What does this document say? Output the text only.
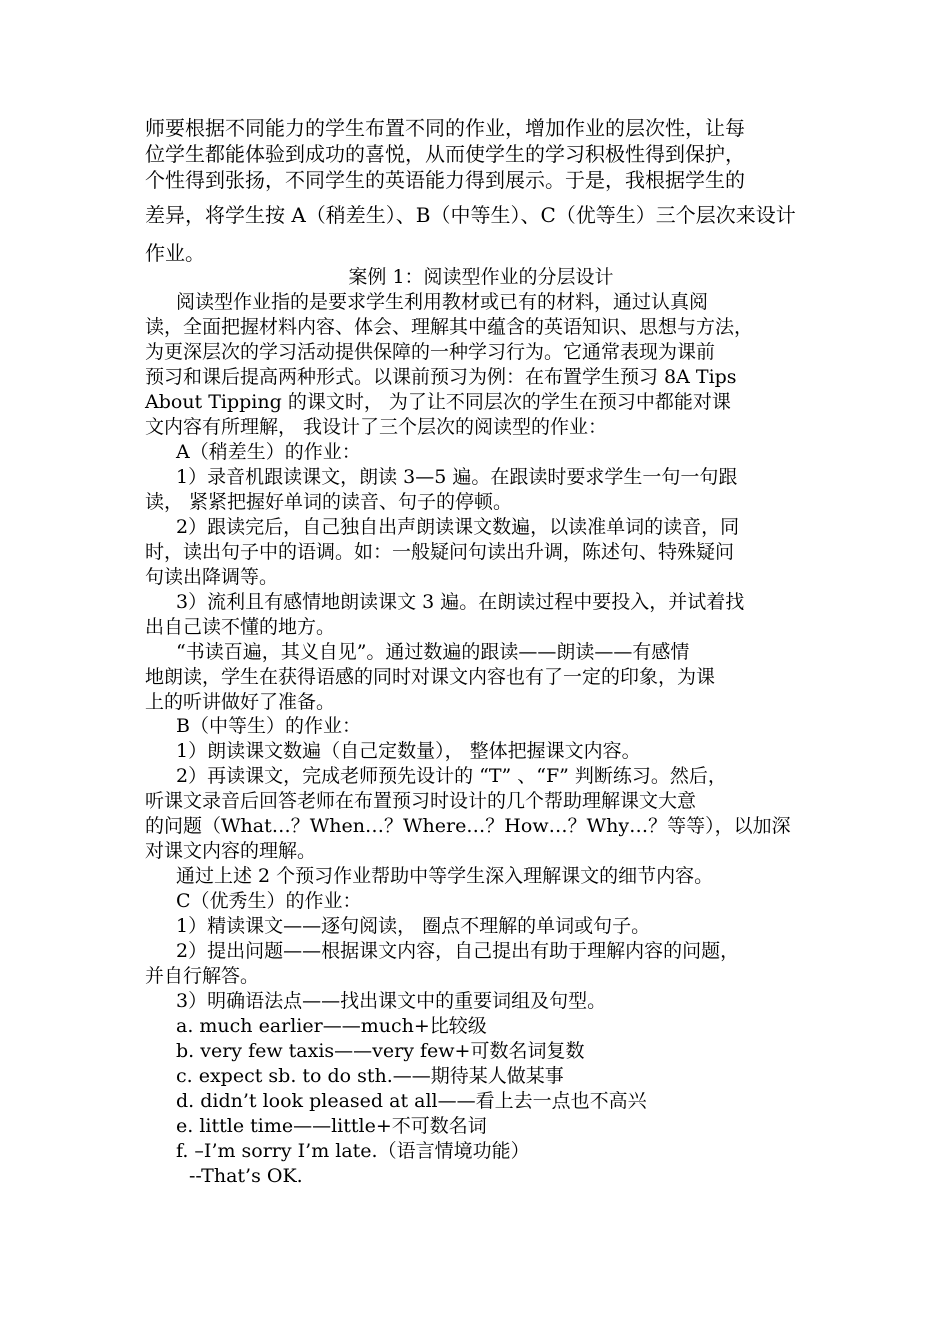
师要根据不同能力的学生布置不同的作业，增加作业的层次性，让每
位学生都能体验到成功的喜悦，从而使学生的学习积极性得到保护，
个性得到张扬，不同学生的英语能力得到展示。于是，我根据学生的
差异，将学生按 A（稍差生）、B（中等生）、C（优等生）三个层次来设计
作业。
案例 1：阅读型作业的分层设计
阅读型作业指的是要求学生利用教材或已有的材料，通过认真阅
读，全面把握材料内容、体会、理解其中蕴含的英语知识、思想与方法，
为更深层次的学习活动提供保障的一种学习行为。它通常表现为课前
预习和课后提高两种形式。以课前预习为例：在布置学生预习 8A Tips
About Tipping 的课文时， 为了让不同层次的学生在预习中都能对课
文内容有所理解， 我设计了三个层次的阅读型的作业：
A（稍差生）的作业：
1）录音机跟读课文，朗读 3—5 遍。在跟读时要求学生一句一句跟
读， 紧紧把握好单词的读音、句子的停顿。
2）跟读完后，自己独自出声朗读课文数遍，以读准单词的读音，同
时，读出句子中的语调。如：一般疑问句读出升调，陈述句、特殊疑问
句读出降调等。
3）流利且有感情地朗读课文 3 遍。在朗读过程中要投入，并试着找
出自己读不懂的地方。
“书读百遍，其义自见”。通过数遍的跟读——朗读——有感情
地朗读，学生在获得语感的同时对课文内容也有了一定的印象，为课
上的听讲做好了准备。
B（中等生）的作业：
1）朗读课文数遍（自己定数量）， 整体把握课文内容。
2）再读课文，完成老师预先设计的 “T” 、“F” 判断练习。然后，
听课文录音后回答老师在布置预习时设计的几个帮助理解课文大意
的问题（What…？When…？Where…？How…？Why…？等等），以加深
对课文内容的理解。
通过上述 2 个预习作业帮助中等学生深入理解课文的细节内容。
C（优秀生）的作业：
1）精读课文——逐句阅读， 圈点不理解的单词或句子。
2）提出问题——根据课文内容，自己提出有助于理解内容的问题，
并自行解答。
3）明确语法点——找出课文中的重要词组及句型。
a. much earlier——much+比较级
b. very few taxis——very few+可数名词复数
c. expect sb. to do sth.——期待某人做某事
d. didn’t look pleased at all——看上去一点也不高兴
e. little time——little+不可数名词
f. –I’m sorry I’m late.（语言情境功能）
--That’s OK.
